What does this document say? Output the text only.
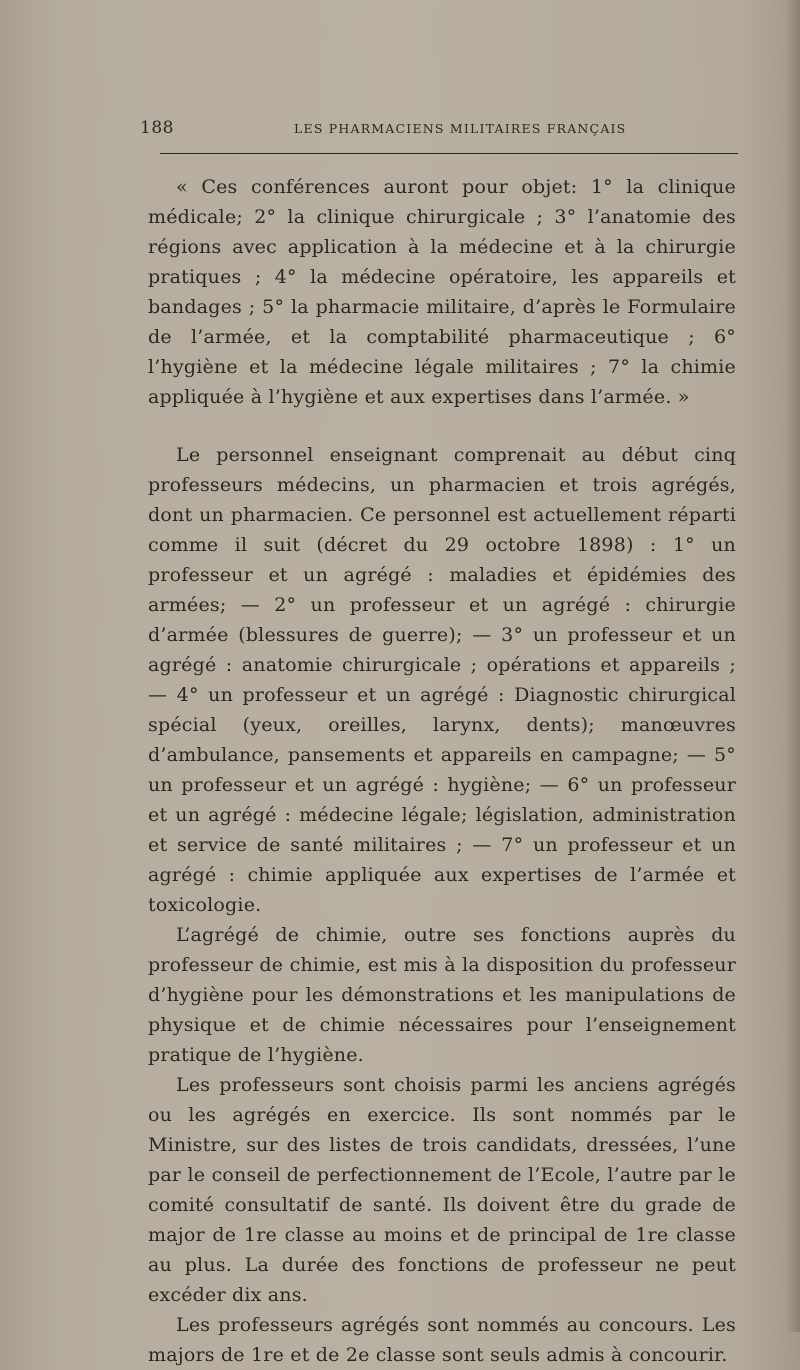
188	LES PHARMACIENS MILITAIRES FRANÇAIS

« Ces conférences auront pour objet: 1° la clinique médicale; 2° la clinique chirurgicale ; 3° l’anatomie des régions avec application à la médecine et à la chirurgie pratiques ; 4° la médecine opératoire, les appareils et bandages ; 5° la pharmacie militaire, d’après le Formulaire de l’armée, et la comptabilité pharmaceutique ; 6° l’hygiène et la médecine légale militaires ; 7° la chimie appliquée à l’hygiène et aux expertises dans l’armée. »

Le personnel enseignant comprenait au début cinq professeurs médecins, un pharmacien et trois agrégés, dont un pharmacien. Ce personnel est actuellement réparti comme il suit (décret du 29 octobre 1898) : 1° un professeur et un agrégé : maladies et épidémies des armées; — 2° un professeur et un agrégé : chirurgie d’armée (blessures de guerre); — 3° un professeur et un agrégé : anatomie chirurgicale ; opérations et appareils ; — 4° un professeur et un agrégé : Diagnostic chirurgical spécial (yeux, oreilles, larynx, dents); manœuvres d’ambulance, pansements et appareils en campagne; — 5° un professeur et un agrégé : hygiène; — 6° un professeur et un agrégé : médecine légale; législation, administration et service de santé militaires ; — 7° un professeur et un agrégé : chimie appliquée aux expertises de l’armée et toxicologie.

L’agrégé de chimie, outre ses fonctions auprès du professeur de chimie, est mis à la disposition du professeur d’hygiène pour les démonstrations et les manipulations de physique et de chimie nécessaires pour l’enseignement pratique de l’hygiène.

Les professeurs sont choisis parmi les anciens agrégés ou les agrégés en exercice. Ils sont nommés par le Ministre, sur des listes de trois candidats, dressées, l’une par le conseil de perfectionnement de l’Ecole, l’autre par le comité consultatif de santé. Ils doivent être du grade de major de 1re classe au moins et de principal de 1re classe au plus. La durée des fonctions de professeur ne peut excéder dix ans.

Les professeurs agrégés sont nommés au concours. Les majors de 1re et de 2e classe sont seuls admis à concourir.
